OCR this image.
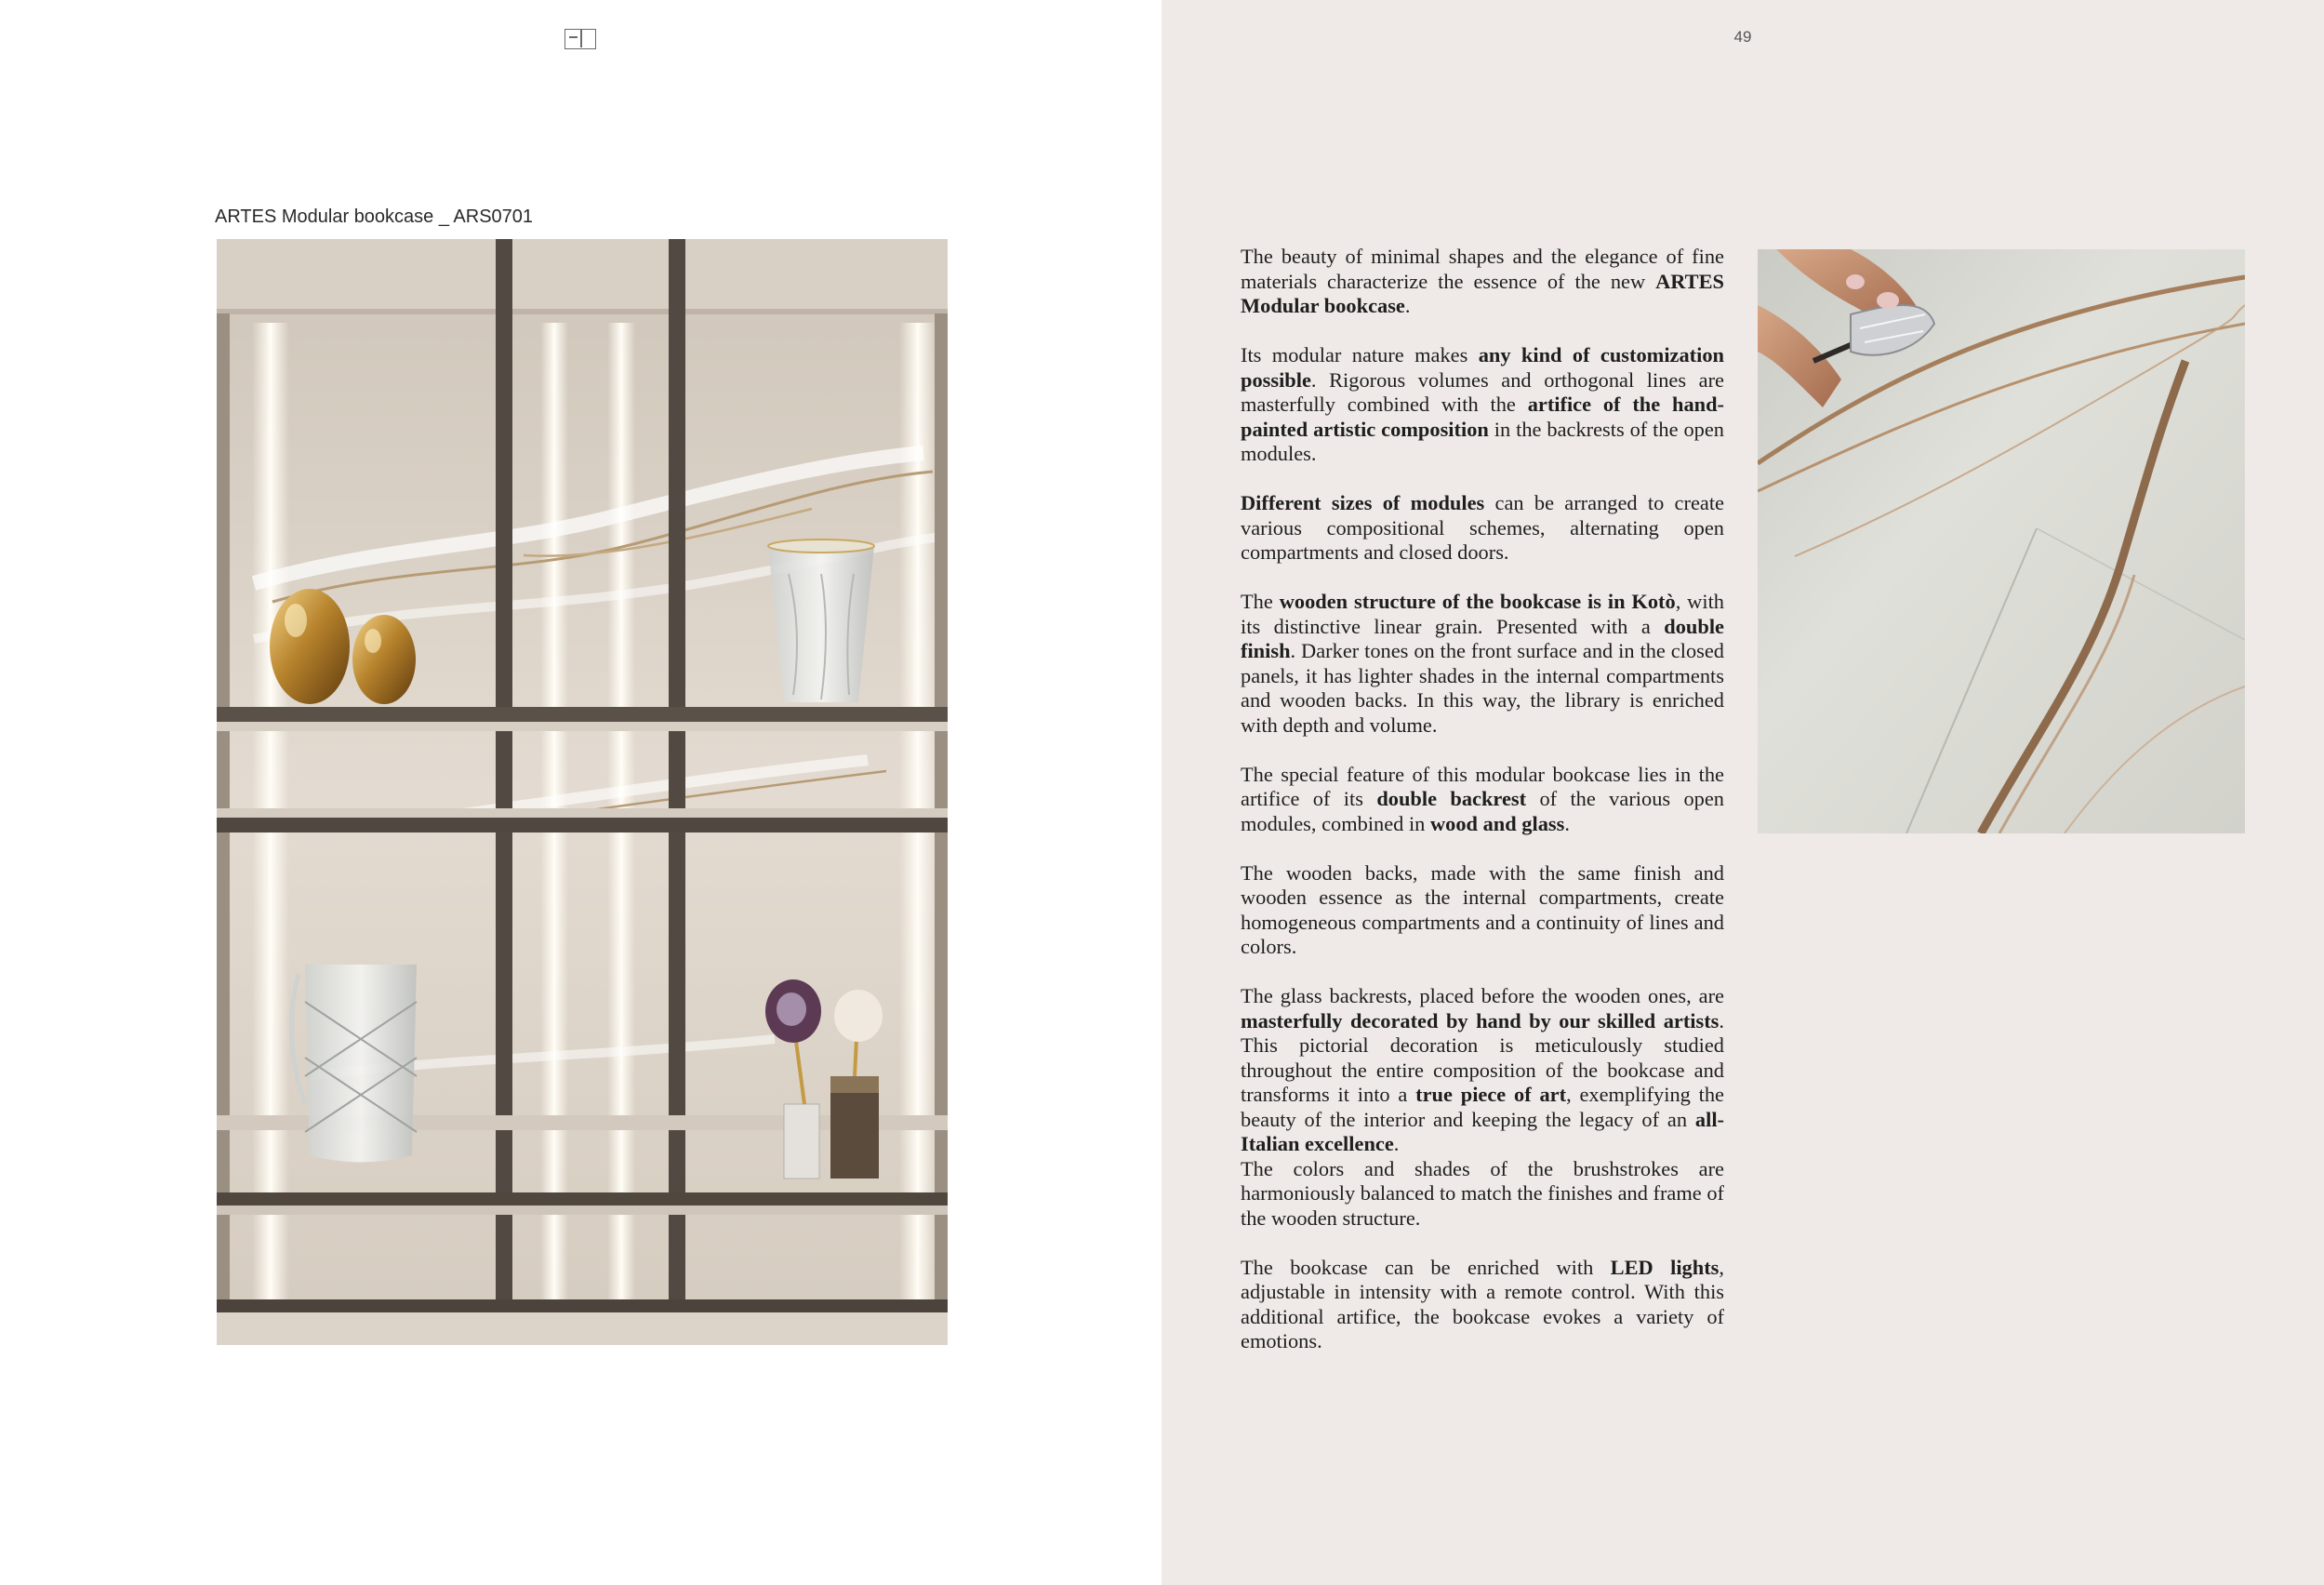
ARTES Modular bookcase _ ARS0701
49

The beauty of minimal shapes and the elegance of fine materials characterize the essence of the new ARTES Modular bookcase.

Its modular nature makes any kind of customization possible. Rigorous volumes and orthogonal lines are masterfully combined with the artifice of the hand-painted artistic composition in the backrests of the open modules.

Different sizes of modules can be arranged to create various compositional schemes, alternating open compartments and closed doors.

The wooden structure of the bookcase is in Kotò, with its distinctive linear grain. Presented with a double finish. Darker tones on the front surface and in the closed panels, it has lighter shades in the internal compartments and wooden backs. In this way, the library is enriched with depth and volume.

The special feature of this modular bookcase lies in the artifice of its double backrest of the various open modules, combined in wood and glass.

The wooden backs, made with the same finish and wooden essence as the internal compartments, create homogeneous compartments and a continuity of lines and colors.

The glass backrests, placed before the wooden ones, are masterfully decorated by hand by our skilled artists. This pictorial decoration is meticulously studied throughout the entire composition of the bookcase and transforms it into a true piece of art, exemplifying the beauty of the interior and keeping the legacy of an all-Italian excellence.

The colors and shades of the brushstrokes are harmoniously balanced to match the finishes and frame of the wooden structure.

The bookcase can be enriched with LED lights, adjustable in intensity with a remote control. With this additional artifice, the bookcase evokes a variety of emotions.
